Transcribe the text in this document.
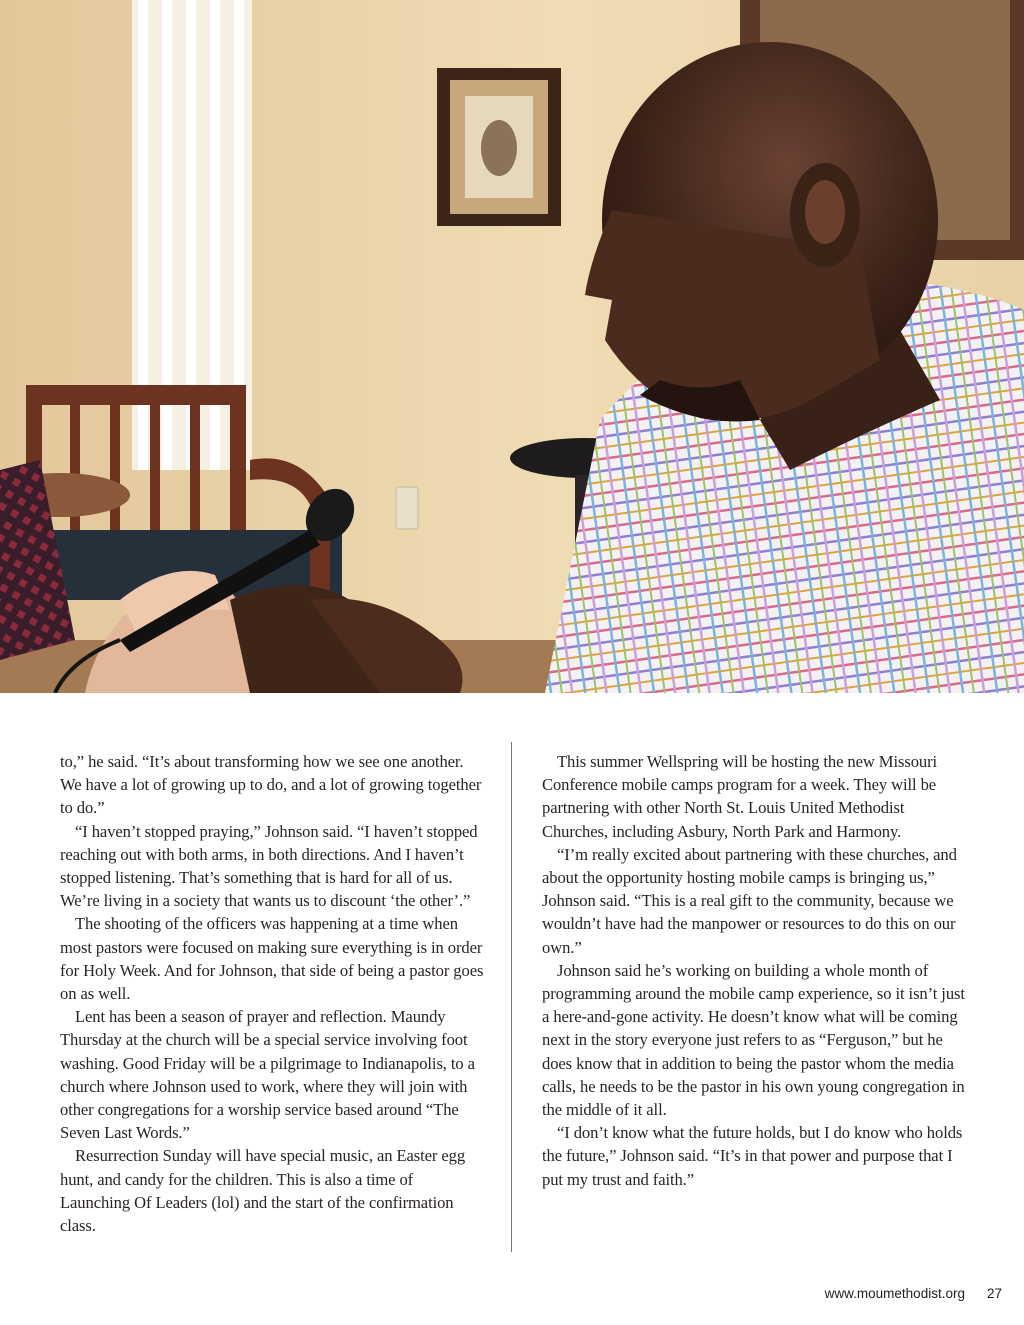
to,” he said. “It’s about transforming how we see one another. We have a lot of growing up to do, and a lot of growing together to do.”

“I haven’t stopped praying,” Johnson said. “I haven’t stopped reaching out with both arms, in both directions. And I haven’t stopped listening. That’s something that is hard for all of us. We’re living in a society that wants us to discount ‘the other’.”

The shooting of the officers was happening at a time when most pastors were focused on making sure everything is in order for Holy Week. And for Johnson, that side of being a pastor goes on as well.

Lent has been a season of prayer and reflection. Maundy Thursday at the church will be a special service involving foot washing. Good Friday will be a pilgrimage to Indianapolis, to a church where Johnson used to work, where they will join with other congregations for a worship service based around “The Seven Last Words.”

Resurrection Sunday will have special music, an Easter egg hunt, and candy for the children. This is also a time of Launching Of Leaders (lol) and the start of the confirmation class.

This summer Wellspring will be hosting the new Missouri Conference mobile camps program for a week. They will be partnering with other North St. Louis United Methodist Churches, including Asbury, North Park and Harmony.

“I’m really excited about partnering with these churches, and about the opportunity hosting mobile camps is bringing us,” Johnson said. “This is a real gift to the community, because we wouldn’t have had the manpower or resources to do this on our own.”

Johnson said he’s working on building a whole month of programming around the mobile camp experience, so it isn’t just a here-and-gone activity. He doesn’t know what will be coming next in the story everyone just refers to as “Ferguson,” but he does know that in addition to being the pastor whom the media calls, he needs to be the pastor in his own young congregation in the middle of it all.

“I don’t know what the future holds, but I do know who holds the future,” Johnson said. “It’s in that power and purpose that I put my trust and faith.”

www.moumethodist.org 27
